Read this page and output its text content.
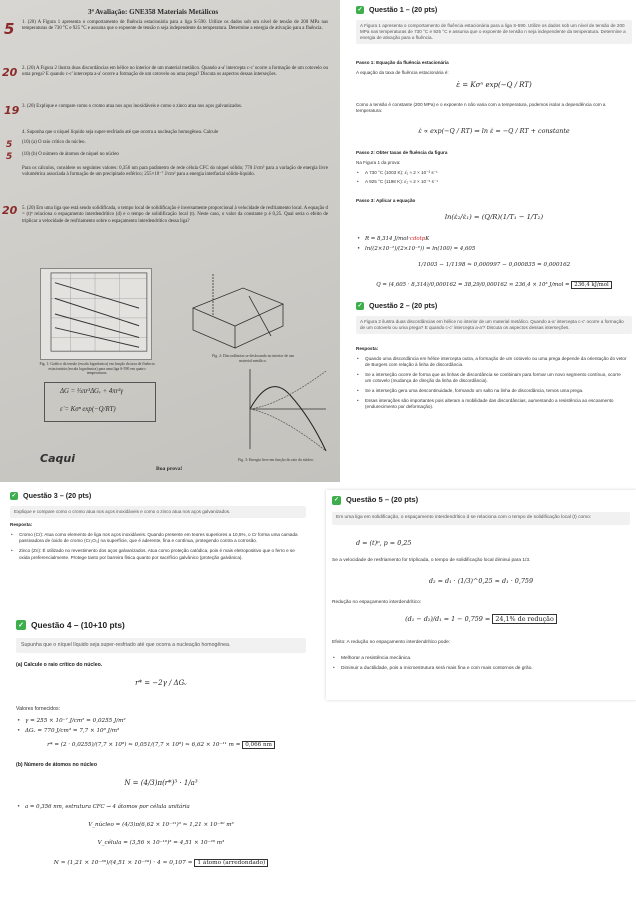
3ª Avaliação: GNE358 Materiais Metálicos
5 1. (20) A Figura 1 apresenta o comportamento de fluência estacionária para a liga S-590. Utilize os dados sob um nível de tensão de 200 MPa nas temperaturas de 730 °C e 925 °C e assuma que o expoente de tensão n seja independente da temperatura. Determine a energia de ativação para a fluência.
20 2. (20) A Figura 2 ilustra duas discordâncias em hélice no interior de um material metálico. Quando a-a' intercepta c-c' ocorre a formação de um cotovelo ou uma prega? E quando c-c' intercepta a-a' ocorre a formação de um cotovelo ou uma prega? Discuta os aspectos dessas interseções.
19 3. (20) Explique e compare como o cromo atua nos aços inoxidáveis e como o zinco atua nos aços galvanizados.
4. Suponha que o níquel líquido seja super-resfriado até que ocorra a nucleação homogênea. Calcule
5 (10) (a) O raio crítico do núcleo.
5 (10) (b) O número de átomos de níquel no núcleo
Para os cálculos, considere os seguintes valores: 0,356 nm para parâmetro de rede célula CFC do níquel sólido; 770 J/cm³ para a variação de energia livre volumétrica associada à formação de um precipitado esférico; 255×10⁻⁷ J/cm² para a energia interfacial sólido-líquido.
20 5. (20) Em uma liga que está sendo solidificada, o tempo local de solidificação é inversamente proporcional à velocidade de resfriamento local. A equação d = (t)ⁿ relaciona o espaçamento interdendrítico (d) e o tempo de solidificação local (t). Neste caso, o valor da constante p é 0,25. Qual seria o efeito de triplicar a velocidade de resfriamento sobre o espaçamento interdendrítico dessa liga?
Fig. 1: Gráfico da tensão (escala logarítmica) em função da taxa de fluência estacionária (escala logarítmica) para uma liga S-590 em quatro temperaturas.
Fig. 2: Discordâncias se deslocando no interior de um material metálico.
ΔG = ⅓πr³ΔGᵥ + 4πr²γ
ε̇ = Kσⁿ exp(−Q/RT)
Fig. 3: Energia livre em função do raio do núcleo.
Boa prova!
Caqui
✓ Questão 1 – (20 pts)
A Figura 1 apresenta o comportamento de fluência estacionária para a liga S-590. Utilize os dados sob um nível de tensão de 200 MPa nas temperaturas de 730 °C e 925 °C e assuma que o expoente de tensão n seja independente da temperatura. Determine a energia de ativação para a fluência.
Passo 1: Equação da fluência estacionária
A equação da taxa de fluência estacionária é:
ε̇ = Kσⁿ exp(−Q / RT)
Como a tensão é constante (200 MPa) e o expoente n não varia com a temperatura, podemos isolar a dependência com a temperatura:
ε̇ ∝ exp(−Q / RT) ⇒ ln ε̇ = −Q / RT + constante
Passo 2: Obter taxas de fluência da figura
Na Figura 1 da prova:
• A 730 °C (1003 K): ε̇₁ ≈ 2 × 10⁻² s⁻¹
• A 925 °C (1198 K): ε̇₂ ≈ 2 × 10⁻⁶ s⁻¹
Passo 3: Aplicar a equação
ln(ε̇₂/ε̇₁) = (Q/R)(1/T₁ − 1/T₂)
• R = 8,314 J/mol·cdotpK
• ln((2×10⁻²)/(2×10⁻⁶)) = ln(100) = 4,605
1/1003 − 1/1198 ≈ 0,000997 − 0,000835 = 0,000162
Q = (4,605 · 8,314)/0,000162 = 38,29/0,000162 ≈ 236,4 × 10³ J/mol = 236,4 kJ/mol
✓ Questão 2 – (20 pts)
A Figura 2 ilustra duas discordâncias em hélice no interior de um material metálico. Quando a-a' intercepta c-c' ocorre a formação de um cotovelo ou uma prega? E quando c-c' intercepta a-a'? Discuta os aspectos dessas interseções.
Resposta:
• Quando uma discordância em hélice intercepta outra, a formação de um cotovelo ou uma prega depende da orientação do vetor de Burgers com relação à linha de discordância.
• Se a interseção ocorre de forma que as linhas de discordância se combinam para formar um novo segmento contínuo, ocorre um cotovelo (mudança de direção da linha de discordância).
• Se a interseção gera uma descontinuidade, formando um salto na linha de discordância, temos uma prega.
• Essas interações são importantes pois alteram a mobilidade das discordâncias, aumentando a resistência ao escoamento (endurecimento por deformação).
✓ Questão 3 – (20 pts)
Explique e compare como o cromo atua nos aços inoxidáveis e como o zinco atua nos aços galvanizados.
Resposta:
• Cromo (Cr): Atua como elemento de liga nos aços inoxidáveis. Quando presente em teores superiores a 10,5%, o Cr forma uma camada passivadora de óxido de cromo (Cr₂O₃) na superfície, que é aderente, fina e contínua, protegendo contra a corrosão.
• Zinco (Zn): É utilizado no revestimento dos aços galvanizados. Atua como proteção catódica, pois é mais eletropositivo que o ferro e se oxida preferencialmente. Protege tanto por barreira física quanto por sacrifício galvânico (proteção galvânica).
✓ Questão 4 – (10+10 pts)
Supunha que o níquel líquido seja super-resfriado até que ocorra a nucleação homogênea.
(a) Calcule o raio crítico do núcleo.
r* = −2γ / ΔGᵥ
Valores fornecidos:
• γ = 255 × 10⁻⁷ J/cm² = 0,0255 J/m²
• ΔGᵥ = 770 J/cm³ = 7,7 × 10⁸ J/m³
r* = (2 · 0,0255)/(7,7 × 10⁸) ≈ 0,051/(7,7 × 10⁸) ≈ 6,62 × 10⁻¹¹ m = 0,066 nm
(b) Número de átomos no núcleo
N = (4/3)π(r*)³ · 1/a³
• a = 0,356 nm, estrutura CFC → 4 átomos por célula unitária
V_núcleo = (4/3)π(6,62 × 10⁻¹¹)³ ≈ 1,21 × 10⁻³⁰ m³
V_célula = (3,56 × 10⁻¹⁰)³ = 4,51 × 10⁻²⁹ m³
N ≈ (1,21 × 10⁻³⁰)/(4,51 × 10⁻²⁹) · 4 ≈ 0,107 ≈ 1 átomo (arredondado)
✓ Questão 5 – (20 pts)
Em uma liga em solidificação, o espaçamento interdendrítico d se relaciona com o tempo de solidificação local (t) como:
d = (t)ᵖ, p = 0,25
Se a velocidade de resfriamento for triplicada, o tempo de solidificação local diminui para 1/3.
d₂ = d₁ · (1/3)^0,25 ≈ d₁ · 0,759
Redução no espaçamento interdendrítico:
(d₁ − d₂)/d₁ = 1 − 0,759 = 24,1% de redução
Efeito: A redução no espaçamento interdendrítico pode:
• Melhorar a resistência mecânica.
• Diminuir a ductilidade, pois a microestrutura será mais fina e com mais contornos de grão.
